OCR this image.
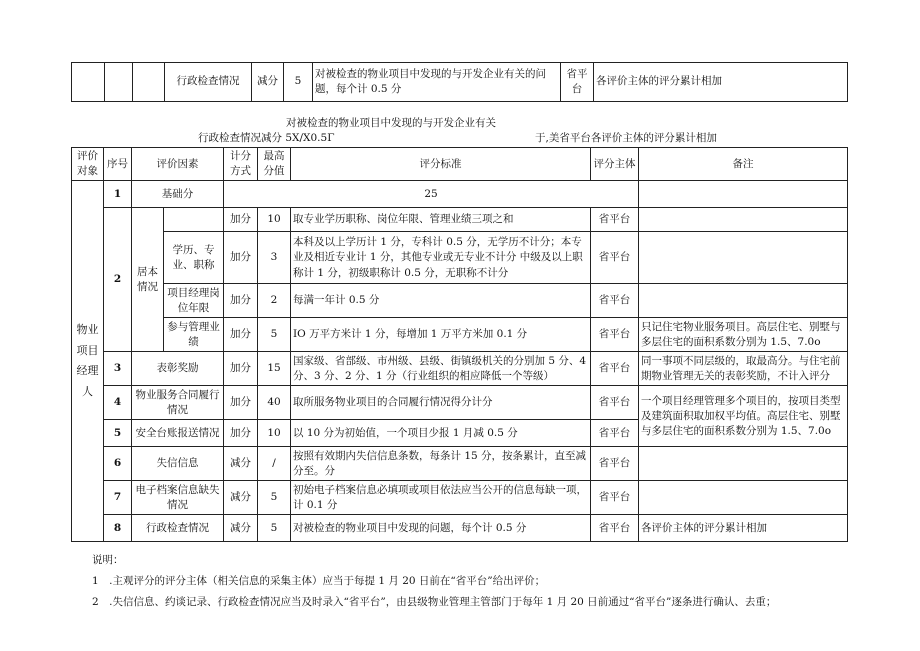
			行政检查情况	减分	5	对被检查的物业项目中发现的与开发企业有关的问题，每个计 0.5 分	省平台	各评价主体的评分累计相加
对被检查的物业项目中发现的与开发企业有关
行政检查情况减分 5X/X0.5Γ	于,美省平台各评价主体的评分累计相加
评价对象	序号	评价因素		计分方式	最高分值	评分标准	评分主体	备注
物业项目经理人	1	基础分		25				
	2	居本情况		加分	10	取专业学历职称、岗位年限、管理业绩三项之和	省平台	
			学历、专业、职称	加分	3	本科及以上学历计 1 分，专科计 0.5 分，无学历不计分；本专业及相近专业计 1 分，其他专业或无专业不计分 中级及以上职称计 1 分，初级职称计 0.5 分，无职称不计分	省平台	
			项目经理岗位年限	加分	2	每满一年计 0.5 分	省平台	
			参与管理业绩	加分	5	IO 万平方米计 1 分，每增加 1 万平方米加 0.1 分	省平台	只记住宅物业服务项目。高层住宅、别墅与多层住宅的面积系数分别为 1.5、7.0o
	3	表彰奖励		加分	15	国家级、省部级、市州级、县级、街镇级机关的分别加 5 分、4 分、3 分、2 分、1 分（行业组织的相应降低一个等级）	省平台	同一事项不同层级的，取最高分。与住宅前期物业管理无关的表彰奖励，不计入评分
	4	物业服务合同履行情况		加分	40	取所服务物业项目的合同履行情况得分计分	省平台	一个项目经理管理多个项目的，按项目类型及建筑面积取加权平均值。高层住宅、别墅与多层住宅的面积系数分别为 1.5、7.0o
	5	安全台账报送情况		加分	10	以 10 分为初始值，一个项目少报 1 月减 0.5 分	省平台	
	6	失信信息		减分	/	按照有效期内失信信息条数，每条计 15 分，按条累计，直至减分至。分	省平台	
	7	电子档案信息缺失情况		减分	5	初始电子档案信息必填项或项目依法应当公开的信息每缺一项，计 0.1 分	省平台	
	8	行政检查情况		减分	5	对被检查的物业项目中发现的问题，每个计 0.5 分	省平台	各评价主体的评分累计相加
说明：
1　.主观评分的评分主体（相关信息的采集主体）应当于每提 1 月 20 日前在“省平台”给出评价；
2　.失信信息、约谈记录、行政检查情况应当及时录入“省平台”，由县级物业管理主管部门于每年 1 月 20 日前通过“省平台”逐条进行确认、去重；
